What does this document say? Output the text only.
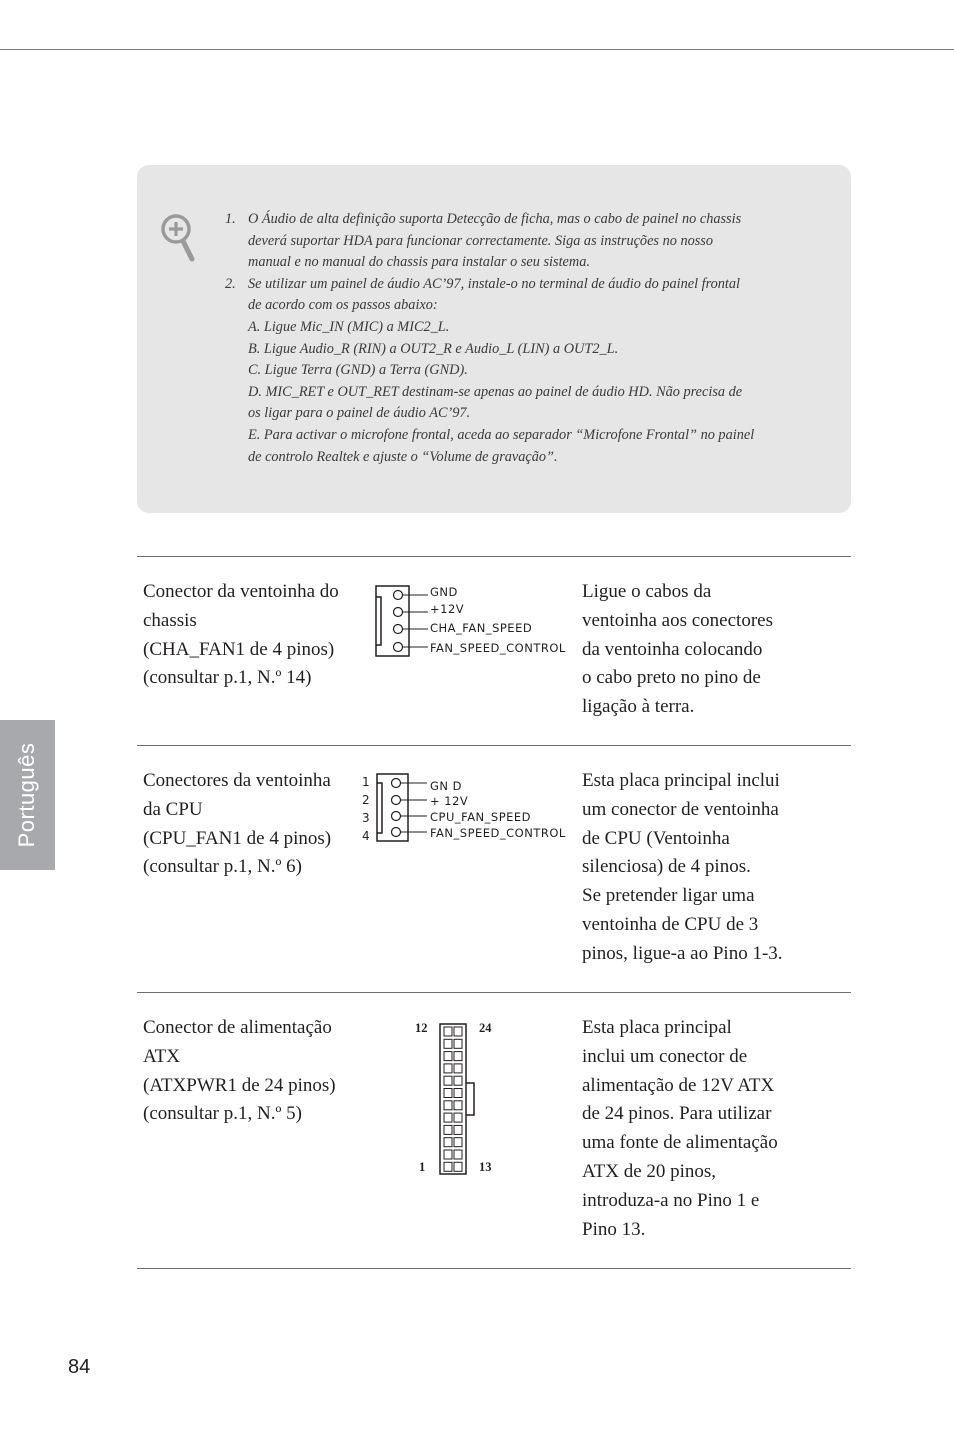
1. O Áudio de alta definição suporta Detecção de ficha, mas o cabo de painel no chassis
deverá suportar HDA para funcionar correctamente. Siga as instruções no nosso
manual e no manual do chassis para instalar o seu sistema.
2. Se utilizar um painel de áudio AC’97, instale-o no terminal de áudio do painel frontal
de acordo com os passos abaixo:
A. Ligue Mic_IN (MIC) a MIC2_L.
B. Ligue Audio_R (RIN) a OUT2_R e Audio_L (LIN) a OUT2_L.
C. Ligue Terra (GND) a Terra (GND).
D. MIC_RET e OUT_RET destinam-se apenas ao painel de áudio HD. Não precisa de
os ligar para o painel de áudio AC’97.
E. Para activar o microfone frontal, aceda ao separador “Microfone Frontal” no painel
de controlo Realtek e ajuste o “Volume de gravação”.
Conector da ventoinha do
chassis
(CHA_FAN1 de 4 pinos)
(consultar p.1, N.º 14)
GND
+12V
CHA_FAN_SPEED
FAN_SPEED_CONTROL
Ligue o cabos da
ventoinha aos conectores
da ventoinha colocando
o cabo preto no pino de
ligação à terra.
Conectores da ventoinha
da CPU
(CPU_FAN1 de 4 pinos)
(consultar p.1, N.º 6)
1
2
3
4
GN D
+ 12V
CPU_FAN_SPEED
FAN_SPEED_CONTROL
Esta placa principal inclui
um conector de ventoinha
de CPU (Ventoinha
silenciosa) de 4 pinos.
Se pretender ligar uma
ventoinha de CPU de 3
pinos, ligue-a ao Pino 1-3.
Conector de alimentação
ATX
(ATXPWR1 de 24 pinos)
(consultar p.1, N.º 5)
12	24
1	13
Esta placa principal
inclui um conector de
alimentação de 12V ATX
de 24 pinos. Para utilizar
uma fonte de alimentação
ATX de 20 pinos,
introduza-a no Pino 1 e
Pino 13.
Português
84
